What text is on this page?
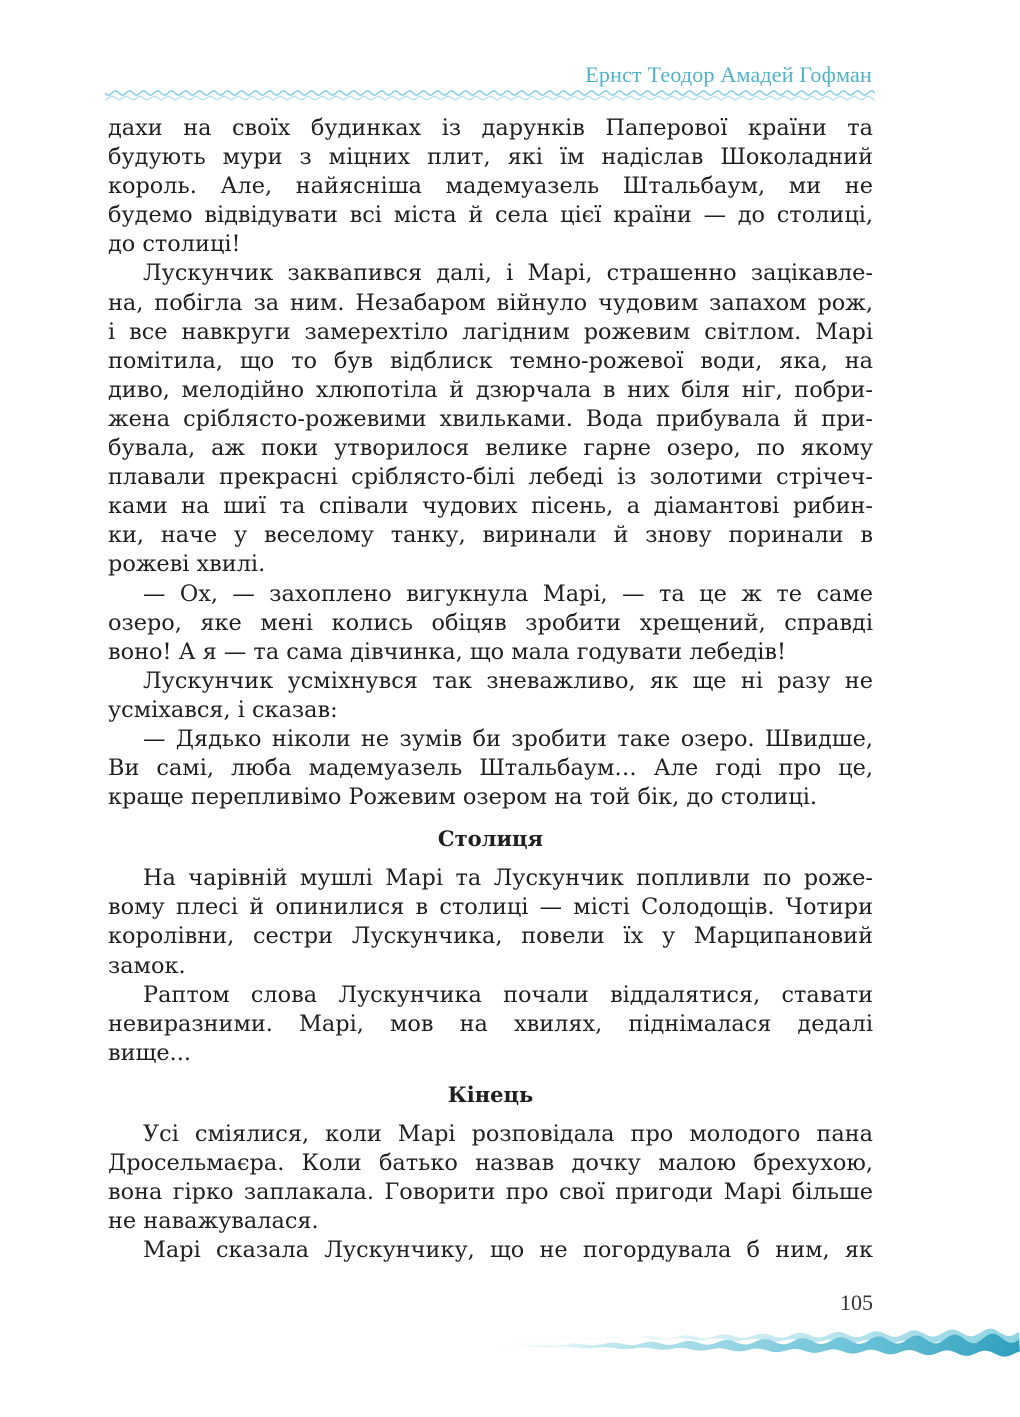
Ернст Теодор Амадей Гофман
дахи на своїх будинках із дарунків Паперової країни та
будують мури з міцних плит, які їм надіслав Шоколадний
король. Але, найясніша мадемуазель Штальбаум, ми не
будемо відвідувати всі міста й села цієї країни — до столиці,
до столиці!
Лускунчик заквапився далі, і Марі, страшенно зацікавле-
на, побігла за ним. Незабаром війнуло чудовим запахом рож,
і все навкруги замерехтіло лагідним рожевим світлом. Марі
помітила, що то був відблиск темно-рожевої води, яка, на
диво, мелодійно хлюпотіла й дзюрчала в них біля ніг, побри-
жена сріблясто-рожевими хвильками. Вода прибувала й при-
бувала, аж поки утворилося велике гарне озеро, по якому
плавали прекрасні сріблясто-білі лебеді із золотими стрічеч-
ками на шиї та співали чудових пісень, а діамантові рибин-
ки, наче у веселому танку, виринали й знову поринали в
рожеві хвилі.
— Ох, — захоплено вигукнула Марі, — та це ж те саме
озеро, яке мені колись обіцяв зробити хрещений, справді
воно! А я — та сама дівчинка, що мала годувати лебедів!
Лускунчик усміхнувся так зневажливо, як ще ні разу не
усміхався, і сказав:
— Дядько ніколи не зумів би зробити таке озеро. Швидше,
Ви самі, люба мадемуазель Штальбаум… Але годі про це,
краще перепливімо Рожевим озером на той бік, до столиці.
Столиця
На чарівній мушлі Марі та Лускунчик попливли по роже-
вому плесі й опинилися в столиці — місті Солодощів. Чотири
королівни, сестри Лускунчика, повели їх у Марципановий
замок.
Раптом слова Лускунчика почали віддалятися, ставати
невиразними. Марі, мов на хвилях, піднімалася дедалі
вище...
Кінець
Усі сміялися, коли Марі розповідала про молодого пана
Дросельмаєра. Коли батько назвав дочку малою брехухою,
вона гірко заплакала. Говорити про свої пригоди Марі більше
не наважувалася.
Марі сказала Лускунчику, що не погордувала б ним, як
105
